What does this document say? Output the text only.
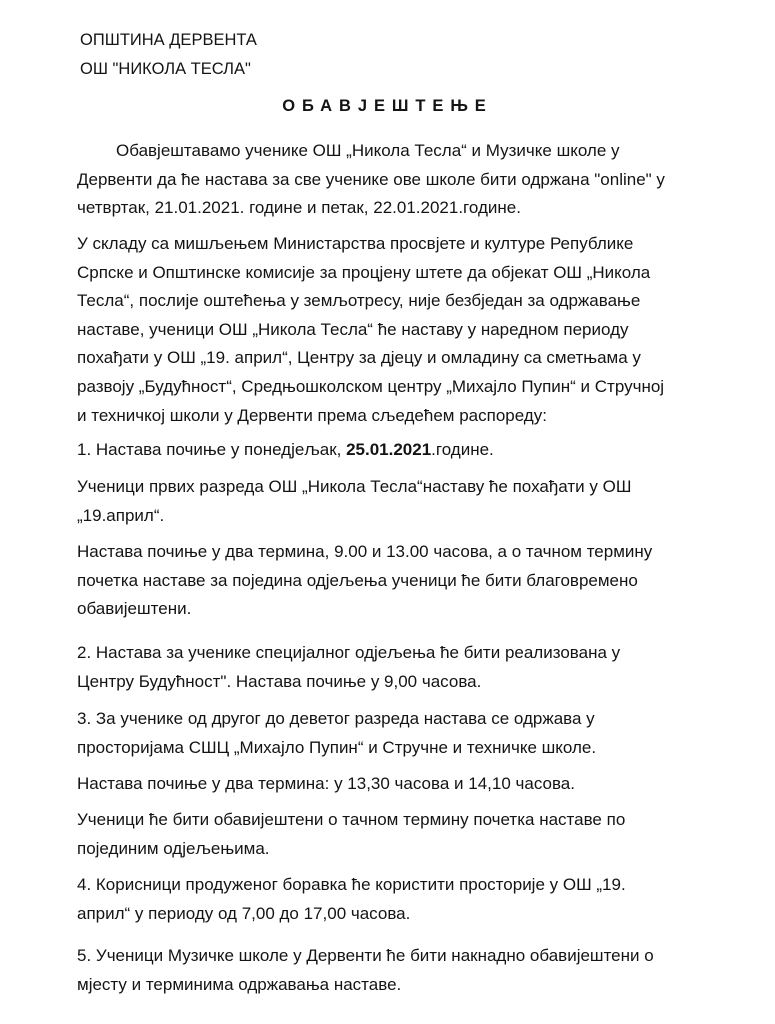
ОПШТИНА ДЕРВЕНТА
ОШ "НИКОЛА ТЕСЛА"
ОБАВЈЕШТЕЊЕ
Обавјештавамо ученике ОШ „Никола Тесла“ и Музичке школе у
Дервенти да ће настава за све ученике ове школе бити одржана "online" у
четвртак, 21.01.2021. године и петак, 22.01.2021.године.
У складу са мишљењем Министарства просвјете и културе Републике
Српске и Општинске комисије за процјену штете да објекат ОШ „Никола
Тесла“, послије оштећења у земљотресу, није безбједан за одржавање
наставе, ученици ОШ „Никола Тесла“ ће наставу у наредном периоду
похађати у ОШ „19. април“, Центру за дјецу и омладину са сметњама у
развоју „Будућност“, Средњошколском центру „Михајло Пупин“ и Стручној
и техничкој школи у Дервенти према сљедећем распореду:
1. Настава почиње у понедјељак, 25.01.2021.године.
Ученици првих разреда ОШ „Никола Тесла“наставу ће похађати у ОШ
„19.април“.
Настава почиње у два термина, 9.00 и 13.00 часова, а о тачном термину
почетка наставе за поједина одјељења ученици ће бити благовремено
обавијештени.
2. Настава за ученике специјалног одјељења ће бити реализована у
Центру Будућност". Настава почиње у 9,00 часова.
3. За ученике од другог до деветог разреда настава се одржава у
просторијама СШЦ „Михајло Пупин“ и Стручне и техничке школе.
Настава почиње у два термина: у 13,30 часова и 14,10 часова.
Ученици ће бити обавијештени о тачном термину почетка наставе по
појединим одјељењима.
4. Корисници продуженог боравка ће користити просторије у ОШ „19.
април“ у периоду од 7,00 до 17,00 часова.
5. Ученици Музичке школе у Дервенти ће бити накнадно обавијештени о
мјесту и терминима одржавања наставе.
